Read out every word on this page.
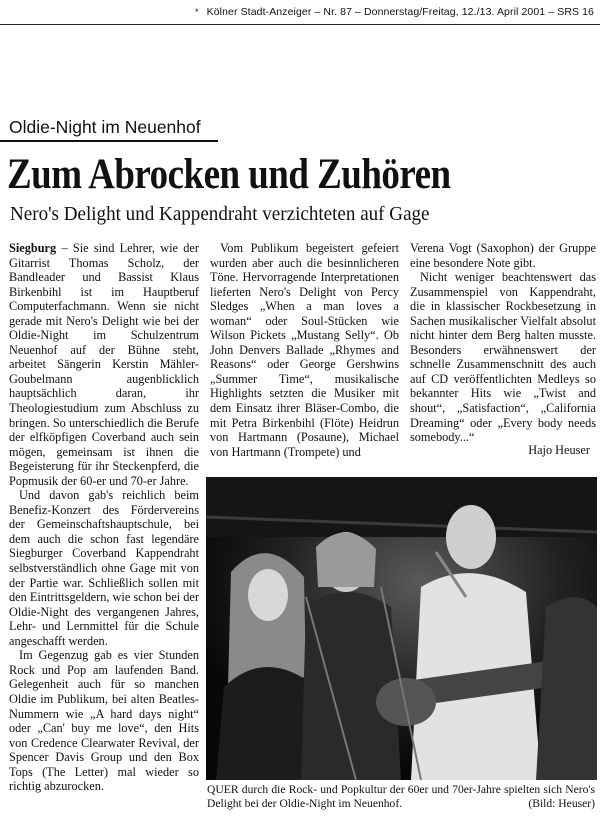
* Kölner Stadt-Anzeiger – Nr. 87 – Donnerstag/Freitag, 12./13. April 2001 – SRS 16
Oldie-Night im Neuenhof
Zum Abrocken und Zuhören
Nero's Delight und Kappendraht verzichteten auf Gage

Siegburg – Sie sind Lehrer, wie der Gitarrist Thomas Scholz, der Bandleader und Bassist Klaus Birkenbihl ist im Hauptberuf Computerfachmann. Wenn sie nicht gerade mit Nero's Delight wie bei der Oldie-Night im Schulzentrum Neuenhof auf der Bühne steht, arbeitet Sängerin Kerstin Mähler-Goubelmann augenblicklich hauptsächlich daran, ihr Theologiestudium zum Abschluss zu bringen. So unterschiedlich die Berufe der elfköpfigen Coverband auch sein mögen, gemeinsam ist ihnen die Begeisterung für ihr Steckenpferd, die Popmusik der 60-er und 70-er Jahre.

Und davon gab's reichlich beim Benefiz-Konzert des Fördervereins der Gemeinschaftshauptschule, bei dem auch die schon fast legendäre Siegburger Coverband Kappendraht selbstverständlich ohne Gage mit von der Partie war. Schließlich sollen mit den Eintrittsgeldern, wie schon bei der Oldie-Night des vergangenen Jahres, Lehr- und Lernmittel für die Schule angeschafft werden.

Im Gegenzug gab es vier Stunden Rock und Pop am laufenden Band. Gelegenheit auch für so manchen Oldie im Publikum, bei alten Beatles-Nummern wie „A hard days night“ oder „Can' buy me love“, den Hits von Credence Clearwater Revival, der Spencer Davis Group und den Box Tops (The Letter) mal wieder so richtig abzurocken.

Vom Publikum begeistert gefeiert wurden aber auch die besinnlicheren Töne. Hervorragende Interpretationen lieferten Nero's Delight von Percy Sledges „When a man loves a woman“ oder Soul-Stücken wie Wilson Pickets „Mustang Selly“. Ob John Denvers Ballade „Rhymes and Reasons“ oder George Gershwins „Summer Time“, musikalische Highlights setzten die Musiker mit dem Einsatz ihrer Bläser-Combo, die mit Petra Birkenbihl (Flöte) Heidrun von Hartmann (Posaune), Michael von Hartmann (Trompete) und

Verena Vogt (Saxophon) der Gruppe eine besondere Note gibt.

Nicht weniger beachtenswert das Zusammenspiel von Kappendraht, die in klassischer Rockbesetzung in Sachen musikalischer Vielfalt absolut nicht hinter dem Berg halten musste. Besonders erwähnenswert der schnelle Zusammenschnitt des auch auf CD veröffentlichten Medleys so bekannter Hits wie „Twist and shout“, „Satisfaction“, „California Dreaming“ oder „Every body needs somebody...“

Hajo Heuser
QUER durch die Rock- und Popkultur der 60er und 70er-Jahre spielten sich Nero's Delight bei der Oldie-Night im Neuenhof.	(Bild: Heuser)
